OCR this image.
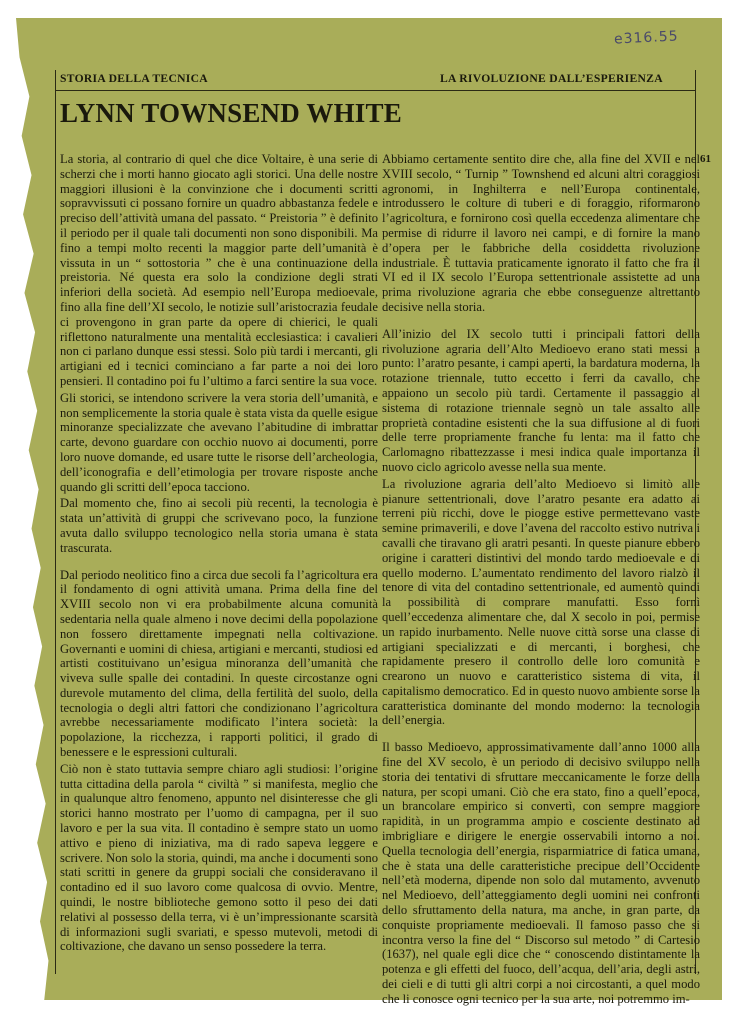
e316.55
STORIA DELLA TECNICA	LA RIVOLUZIONE DALL’ESPERIENZA
LYNN TOWNSEND WHITE
61

La storia, al contrario di quel che dice Voltaire, è una serie di scherzi che i morti hanno giocato agli storici. Una delle nostre maggiori illusioni è la convinzione che i documenti scritti sopravvissuti ci possano fornire un quadro abbastanza fedele e preciso dell’attività umana del passato. “ Preistoria ” è definito il periodo per il quale tali documenti non sono disponibili. Ma fino a tempi molto recenti la maggior parte dell’umanità è vissuta in un “ sottostoria ” che è una continuazione della preistoria. Né questa era solo la condizione degli strati inferiori della società. Ad esempio nell’Europa medioevale, fino alla fine dell’XI secolo, le notizie sull’aristocrazia feudale ci provengono in gran parte da opere di chierici, le quali riflettono naturalmente una mentalità ecclesiastica: i cavalieri non ci parlano dunque essi stessi. Solo più tardi i mercanti, gli artigiani ed i tecnici cominciano a far parte a noi dei loro pensieri. Il contadino poi fu l’ultimo a farci sentire la sua voce.

Gli storici, se intendono scrivere la vera storia dell’umanità, e non semplicemente la storia quale è stata vista da quelle esigue minoranze specializzate che avevano l’abitudine di imbrattar carte, devono guardare con occhio nuovo ai documenti, porre loro nuove domande, ed usare tutte le risorse dell’archeologia, dell’iconografia e dell’etimologia per trovare risposte anche quando gli scritti dell’epoca tacciono.

Dal momento che, fino ai secoli più recenti, la tecnologia è stata un’attività di gruppi che scrivevano poco, la funzione avuta dallo sviluppo tecnologico nella storia umana è stata trascurata.

Dal periodo neolitico fino a circa due secoli fa l’agricoltura era il fondamento di ogni attività umana. Prima della fine del XVIII secolo non vi era probabilmente alcuna comunità sedentaria nella quale almeno i nove decimi della popolazione non fossero direttamente impegnati nella coltivazione. Governanti e uomini di chiesa, artigiani e mercanti, studiosi ed artisti costituivano un’esigua minoranza dell’umanità che viveva sulle spalle dei contadini. In queste circostanze ogni durevole mutamento del clima, della fertilità del suolo, della tecnologia o degli altri fattori che condizionano l’agricoltura avrebbe necessariamente modificato l’intera società: la popolazione, la ricchezza, i rapporti politici, il grado di benessere e le espressioni culturali.

Ciò non è stato tuttavia sempre chiaro agli studiosi: l’origine tutta cittadina della parola “ civiltà ” si manifesta, meglio che in qualunque altro fenomeno, appunto nel disinteresse che gli storici hanno mostrato per l’uomo di campagna, per il suo lavoro e per la sua vita. Il contadino è sempre stato un uomo attivo e pieno di iniziativa, ma di rado sapeva leggere e scrivere. Non solo la storia, quindi, ma anche i documenti sono stati scritti in genere da gruppi sociali che consideravano il contadino ed il suo lavoro come qualcosa di ovvio. Mentre, quindi, le nostre biblioteche gemono sotto il peso dei dati relativi al possesso della terra, vi è un’impressionante scarsità di informazioni sugli svariati, e spesso mutevoli, metodi di coltivazione, che davano un senso possedere la terra.

Abbiamo certamente sentito dire che, alla fine del XVII e nel XVIII secolo, “ Turnip ” Townshend ed alcuni altri coraggiosi agronomi, in Inghilterra e nell’Europa continentale, introdussero le colture di tuberi e di foraggio, riformarono l’agricoltura, e fornirono così quella eccedenza alimentare che permise di ridurre il lavoro nei campi, e di fornire la mano d’opera per le fabbriche della cosiddetta rivoluzione industriale. È tuttavia praticamente ignorato il fatto che fra il VI ed il IX secolo l’Europa settentrionale assistette ad una prima rivoluzione agraria che ebbe conseguenze altrettanto decisive nella storia.

All’inizio del IX secolo tutti i principali fattori della rivoluzione agraria dell’Alto Medioevo erano stati messi a punto: l’aratro pesante, i campi aperti, la bardatura moderna, la rotazione triennale, tutto eccetto i ferri da cavallo, che appaiono un secolo più tardi. Certamente il passaggio al sistema di rotazione triennale segnò un tale assalto alle proprietà contadine esistenti che la sua diffusione al di fuori delle terre propriamente franche fu lenta: ma il fatto che Carlomagno ribattezzasse i mesi indica quale importanza il nuovo ciclo agricolo avesse nella sua mente.

La rivoluzione agraria dell’alto Medioevo si limitò alle pianure settentrionali, dove l’aratro pesante era adatto ai terreni più ricchi, dove le piogge estive permettevano vaste semine primaverili, e dove l’avena del raccolto estivo nutriva i cavalli che tiravano gli aratri pesanti. In queste pianure ebbero origine i caratteri distintivi del mondo tardo medioevale e di quello moderno. L’aumentato rendimento del lavoro rialzò il tenore di vita del contadino settentrionale, ed aumentò quindi la possibilità di comprare manufatti. Esso fornì quell’eccedenza alimentare che, dal X secolo in poi, permise un rapido inurbamento. Nelle nuove città sorse una classe di artigiani specializzati e di mercanti, i borghesi, che rapidamente presero il controllo delle loro comunità e crearono un nuovo e caratteristico sistema di vita, il capitalismo democratico. Ed in questo nuovo ambiente sorse la caratteristica dominante del mondo moderno: la tecnologia dell’energia.

Il basso Medioevo, approssimativamente dall’anno 1000 alla fine del XV secolo, è un periodo di decisivo sviluppo nella storia dei tentativi di sfruttare meccanicamente le forze della natura, per scopi umani. Ciò che era stato, fino a quell’epoca, un brancolare empirico si convertì, con sempre maggiore rapidità, in un programma ampio e cosciente destinato ad imbrigliare e dirigere le energie osservabili intorno a noi. Quella tecnologia dell’energia, risparmiatrice di fatica umana, che è stata una delle caratteristiche precipue dell’Occidente nell’età moderna, dipende non solo dal mutamento, avvenuto nel Medioevo, dell’atteggiamento degli uomini nei confronti dello sfruttamento della natura, ma anche, in gran parte, da conquiste propriamente medioevali. Il famoso passo che si incontra verso la fine del “ Discorso sul metodo ” di Cartesio (1637), nel quale egli dice che “ conoscendo distintamente la potenza e gli effetti del fuoco, dell’acqua, dell’aria, degli astri, dei cieli e di tutti gli altri corpi a noi circostanti, a quel modo che li conosce ogni tecnico per la sua arte, noi potremmo im-
